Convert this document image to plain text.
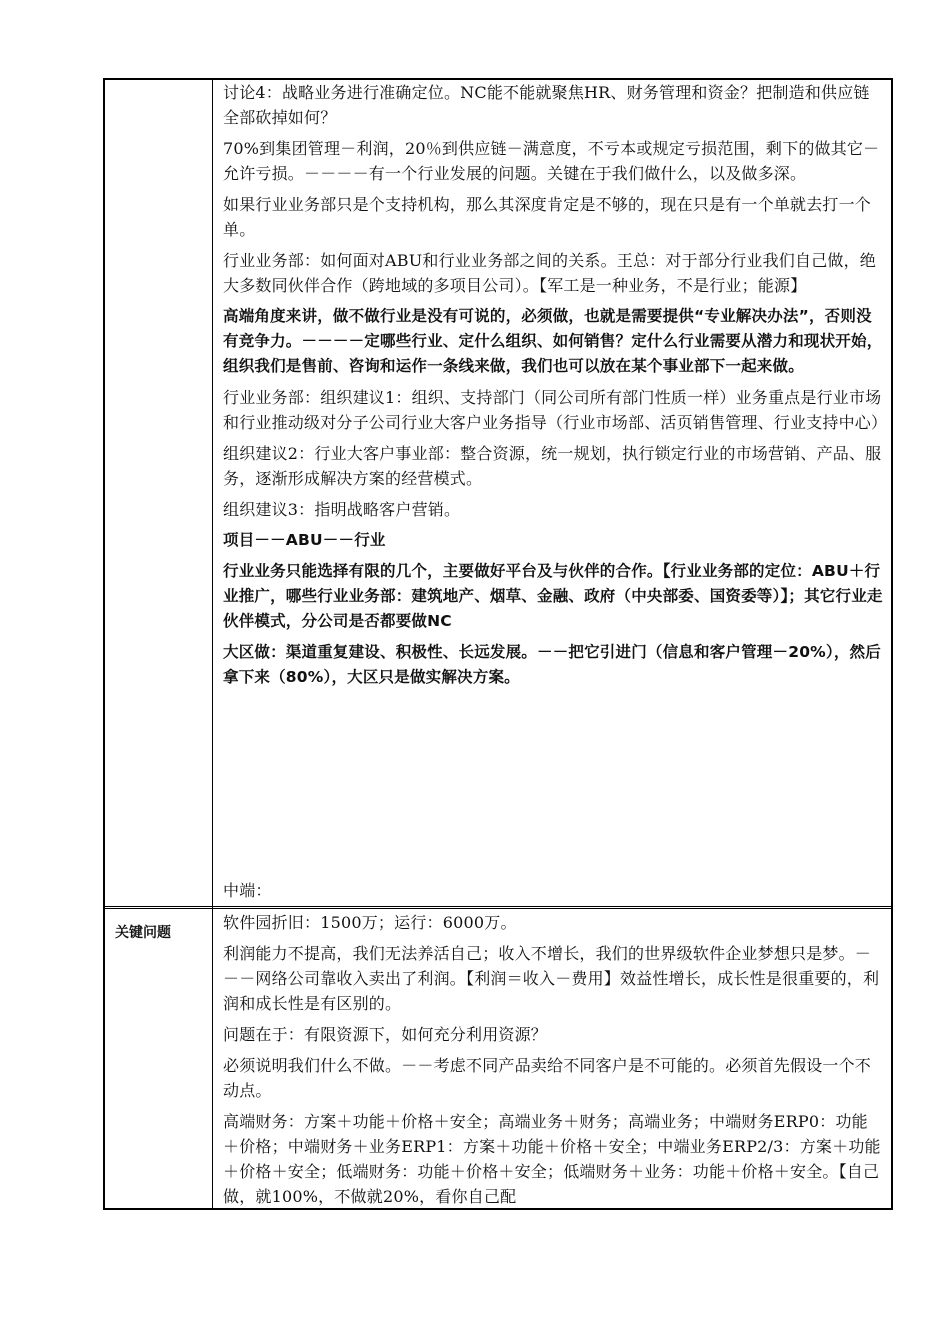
讨论4：战略业务进行准确定位。NC能不能就聚焦HR、财务管理和资金？把制造和供应链全部砍掉如何？

70%到集团管理－利润，20％到供应链－满意度，不亏本或规定亏损范围，剩下的做其它－允许亏损。－－－－有一个行业发展的问题。关键在于我们做什么，以及做多深。

如果行业业务部只是个支持机构，那么其深度肯定是不够的，现在只是有一个单就去打一个单。

行业业务部：如何面对ABU和行业业务部之间的关系。王总：对于部分行业我们自己做，绝大多数同伙伴合作（跨地域的多项目公司）。【军工是一种业务，不是行业；能源】

高端角度来讲，做不做行业是没有可说的，必须做，也就是需要提供“专业解决办法”，否则没有竞争力。－－－－定哪些行业、定什么组织、如何销售？定什么行业需要从潜力和现状开始，组织我们是售前、咨询和运作一条线来做，我们也可以放在某个事业部下一起来做。

行业业务部：组织建议1：组织、支持部门（同公司所有部门性质一样）业务重点是行业市场和行业推动级对分子公司行业大客户业务指导（行业市场部、活页销售管理、行业支持中心）

组织建议2：行业大客户事业部：整合资源，统一规划，执行锁定行业的市场营销、产品、服务，逐渐形成解决方案的经营模式。

组织建议3：指明战略客户营销。

项目－－ABU－－行业

行业业务只能选择有限的几个，主要做好平台及与伙伴的合作。【行业业务部的定位：ABU＋行业推广，哪些行业业务部：建筑地产、烟草、金融、政府（中央部委、国资委等）】；其它行业走伙伴模式，分公司是否都要做NC

大区做：渠道重复建设、积极性、长远发展。－－把它引进门（信息和客户管理－20%），然后拿下来（80%），大区只是做实解决方案。

中端：

关键问题

软件园折旧：1500万；运行：6000万。

利润能力不提高，我们无法养活自己；收入不增长，我们的世界级软件企业梦想只是梦。－－－网络公司靠收入卖出了利润。【利润＝收入－费用】效益性增长，成长性是很重要的，利润和成长性是有区别的。

问题在于：有限资源下，如何充分利用资源？

必须说明我们什么不做。－－考虑不同产品卖给不同客户是不可能的。必须首先假设一个不动点。

高端财务：方案＋功能＋价格＋安全；高端业务＋财务；高端业务；中端财务ERP0：功能＋价格；中端财务＋业务ERP1：方案＋功能＋价格＋安全；中端业务ERP2/3：方案＋功能＋价格＋安全；低端财务：功能＋价格＋安全；低端财务＋业务：功能＋价格＋安全。【自己做，就100%，不做就20%，看你自己配
